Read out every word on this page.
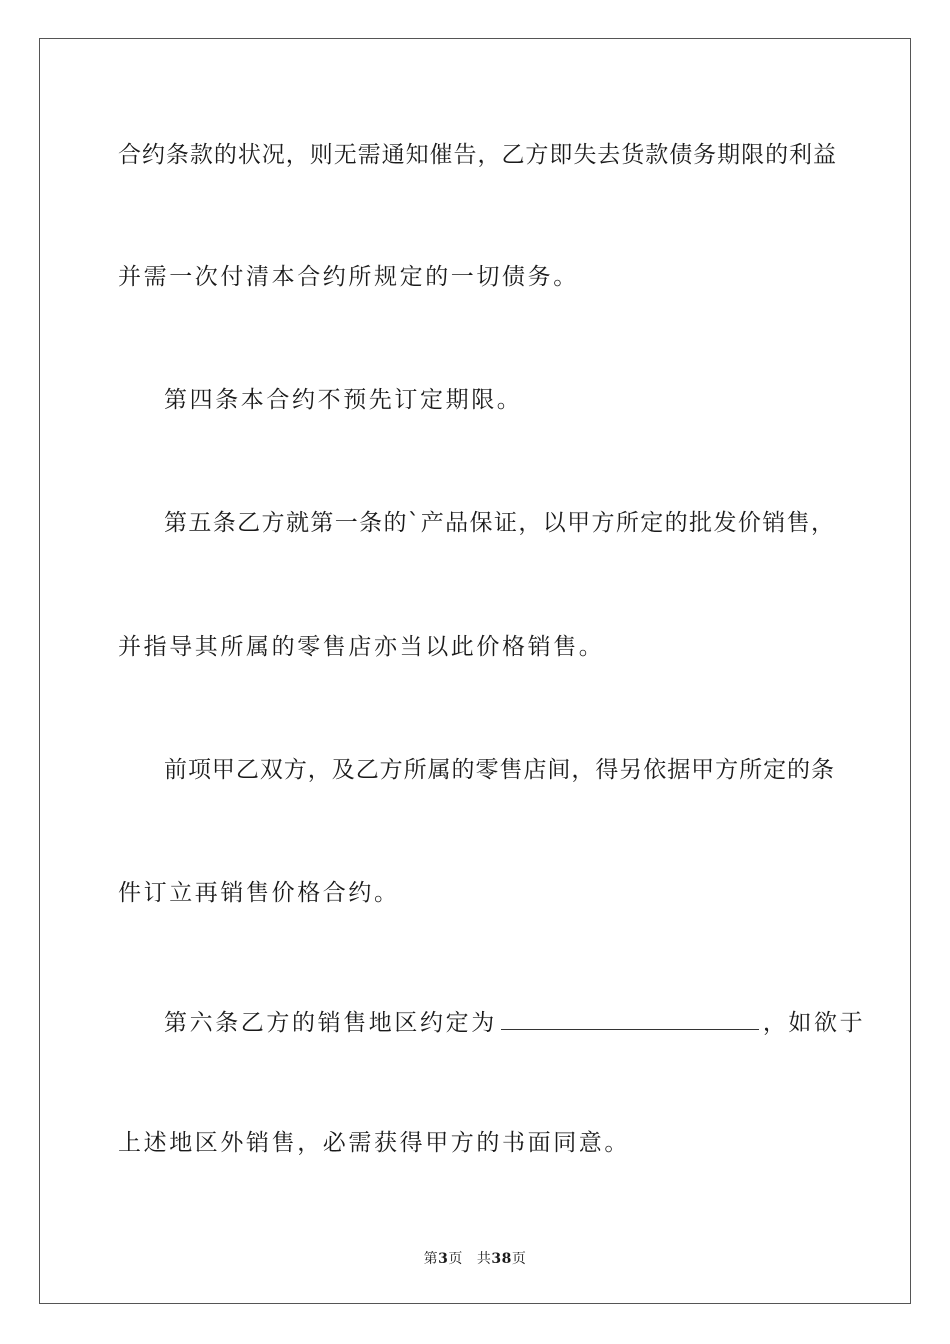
合约条款的状况，则无需通知催告，乙方即失去货款债务期限的利益
并需一次付清本合约所规定的一切债务。
第四条本合约不预先订定期限。
第五条乙方就第一条的`产品保证，以甲方所定的批发价销售，
并指导其所属的零售店亦当以此价格销售。
前项甲乙双方，及乙方所属的零售店间，得另依据甲方所定的条
件订立再销售价格合约。
第六条乙方的销售地区约定为	，如欲于
上述地区外销售，必需获得甲方的书面同意。
第3页 共38页
